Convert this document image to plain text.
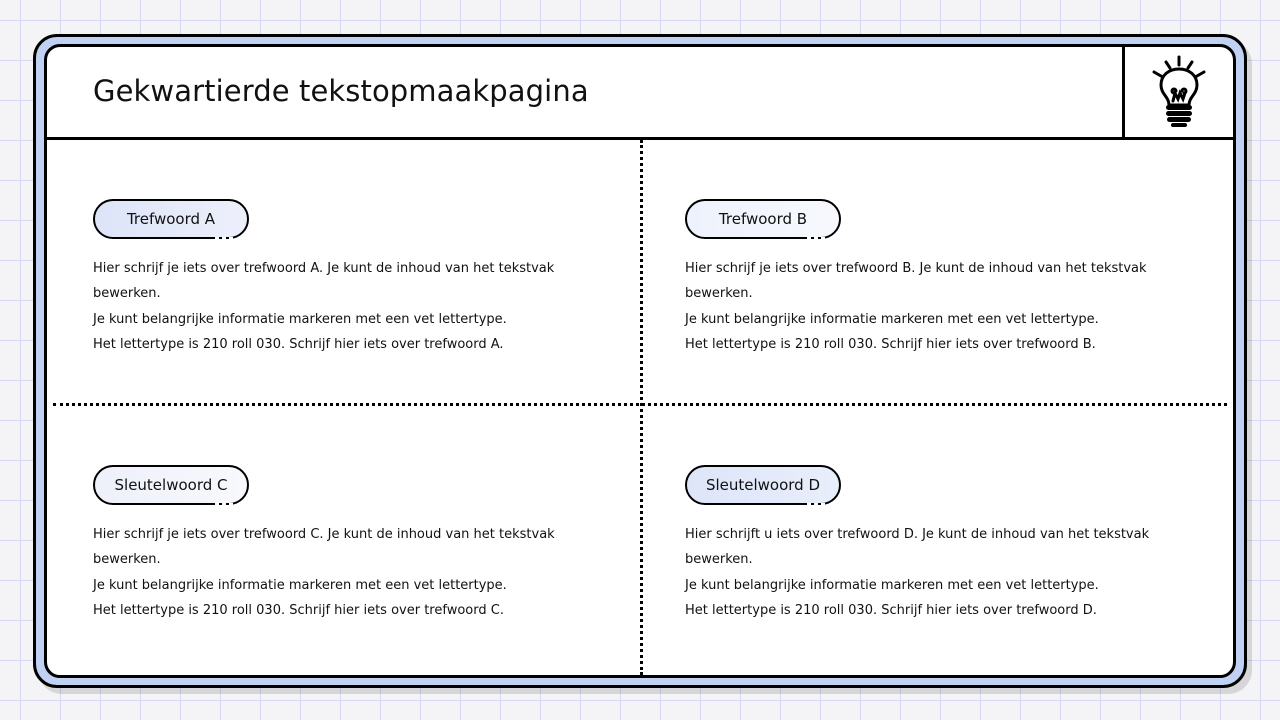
Gekwartierde tekstopmaakpagina
Trefwoord A
Hier schrijf je iets over trefwoord A. Je kunt de inhoud van het tekstvak
bewerken.
Je kunt belangrijke informatie markeren met een vet lettertype.
Het lettertype is 210 roll 030. Schrijf hier iets over trefwoord A.
Trefwoord B
Hier schrijf je iets over trefwoord B. Je kunt de inhoud van het tekstvak
bewerken.
Je kunt belangrijke informatie markeren met een vet lettertype.
Het lettertype is 210 roll 030. Schrijf hier iets over trefwoord B.
Sleutelwoord C
Hier schrijf je iets over trefwoord C. Je kunt de inhoud van het tekstvak
bewerken.
Je kunt belangrijke informatie markeren met een vet lettertype.
Het lettertype is 210 roll 030. Schrijf hier iets over trefwoord C.
Sleutelwoord D
Hier schrijft u iets over trefwoord D. Je kunt de inhoud van het tekstvak
bewerken.
Je kunt belangrijke informatie markeren met een vet lettertype.
Het lettertype is 210 roll 030. Schrijf hier iets over trefwoord D.
